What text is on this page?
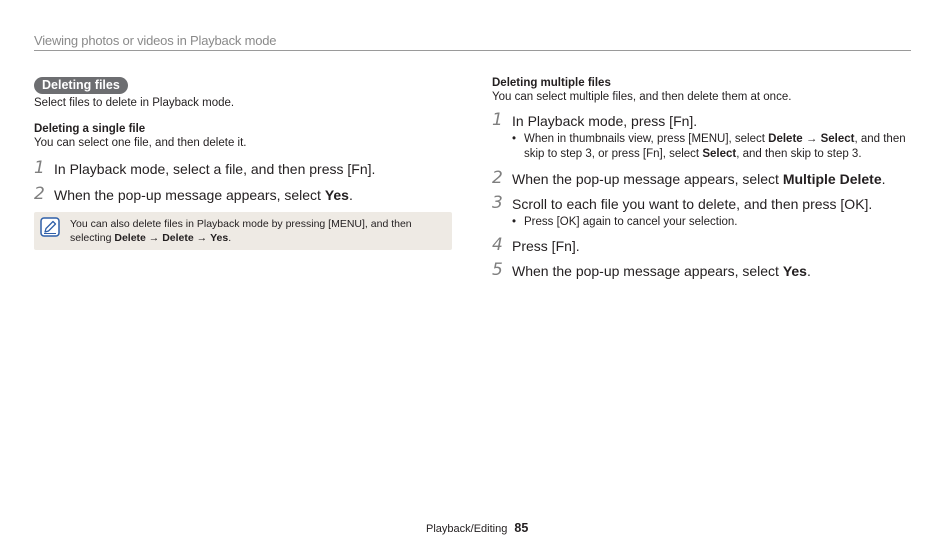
Viewing photos or videos in Playback mode
Deleting files
Select files to delete in Playback mode.
Deleting a single file
You can select one file, and then delete it.
1 In Playback mode, select a file, and then press [Fn].
2 When the pop-up message appears, select Yes.
You can also delete files in Playback mode by pressing [MENU], and then selecting Delete → Delete → Yes.
Deleting multiple files
You can select multiple files, and then delete them at once.
1 In Playback mode, press [Fn].
• When in thumbnails view, press [MENU], select Delete → Select, and then skip to step 3, or press [Fn], select Select, and then skip to step 3.
2 When the pop-up message appears, select Multiple Delete.
3 Scroll to each file you want to delete, and then press [OK].
• Press [OK] again to cancel your selection.
4 Press [Fn].
5 When the pop-up message appears, select Yes.
Playback/Editing 85
